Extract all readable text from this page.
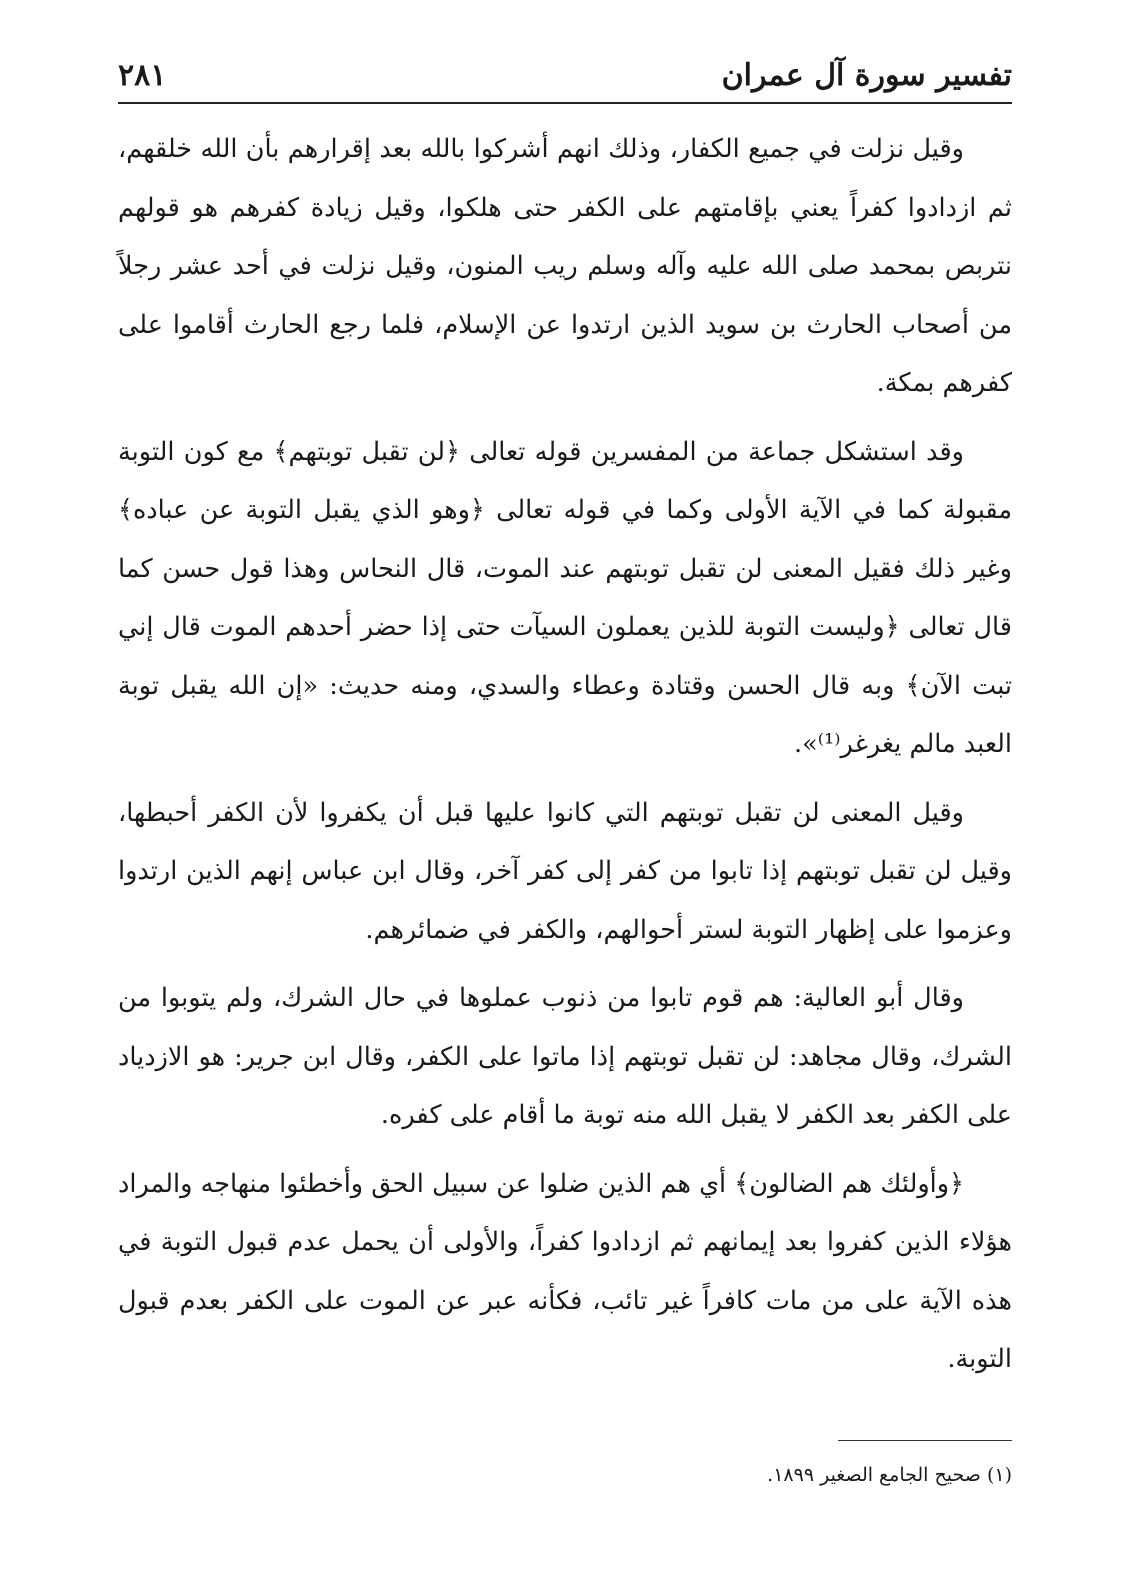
تفسير سورة آل عمران
٢٨١

وقيل نزلت في جميع الكفار، وذلك انهم أشركوا بالله بعد إقرارهم بأن الله خلقهم، ثم ازدادوا كفراً يعني بإقامتهم على الكفر حتى هلكوا، وقيل زيادة كفرهم هو قولهم نتربص بمحمد صلى الله عليه وآله وسلم ريب المنون، وقيل نزلت في أحد عشر رجلاً من أصحاب الحارث بن سويد الذين ارتدوا عن الإسلام، فلما رجع الحارث أقاموا على كفرهم بمكة.

وقد استشكل جماعة من المفسرين قوله تعالى ﴿لن تقبل توبتهم﴾ مع كون التوبة مقبولة كما في الآية الأولى وكما في قوله تعالى ﴿وهو الذي يقبل التوبة عن عباده﴾ وغير ذلك فقيل المعنى لن تقبل توبتهم عند الموت، قال النحاس وهذا قول حسن كما قال تعالى ﴿وليست التوبة للذين يعملون السيآت حتى إذا حضر أحدهم الموت قال إني تبت الآن﴾ وبه قال الحسن وقتادة وعطاء والسدي، ومنه حديث: «إن الله يقبل توبة العبد مالم يغرغر⁽¹⁾».

وقيل المعنى لن تقبل توبتهم التي كانوا عليها قبل أن يكفروا لأن الكفر أحبطها، وقيل لن تقبل توبتهم إذا تابوا من كفر إلى كفر آخر، وقال ابن عباس إنهم الذين ارتدوا وعزموا على إظهار التوبة لستر أحوالهم، والكفر في ضمائرهم.

وقال أبو العالية: هم قوم تابوا من ذنوب عملوها في حال الشرك، ولم يتوبوا من الشرك، وقال مجاهد: لن تقبل توبتهم إذا ماتوا على الكفر، وقال ابن جرير: هو الازدياد على الكفر بعد الكفر لا يقبل الله منه توبة ما أقام على كفره.

﴿وأولئك هم الضالون﴾ أي هم الذين ضلوا عن سبيل الحق وأخطئوا منهاجه والمراد هؤلاء الذين كفروا بعد إيمانهم ثم ازدادوا كفراً، والأولى أن يحمل عدم قبول التوبة في هذه الآية على من مات كافراً غير تائب، فكأنه عبر عن الموت على الكفر بعدم قبول التوبة.

(١) صحيح الجامع الصغير ١٨٩٩.
